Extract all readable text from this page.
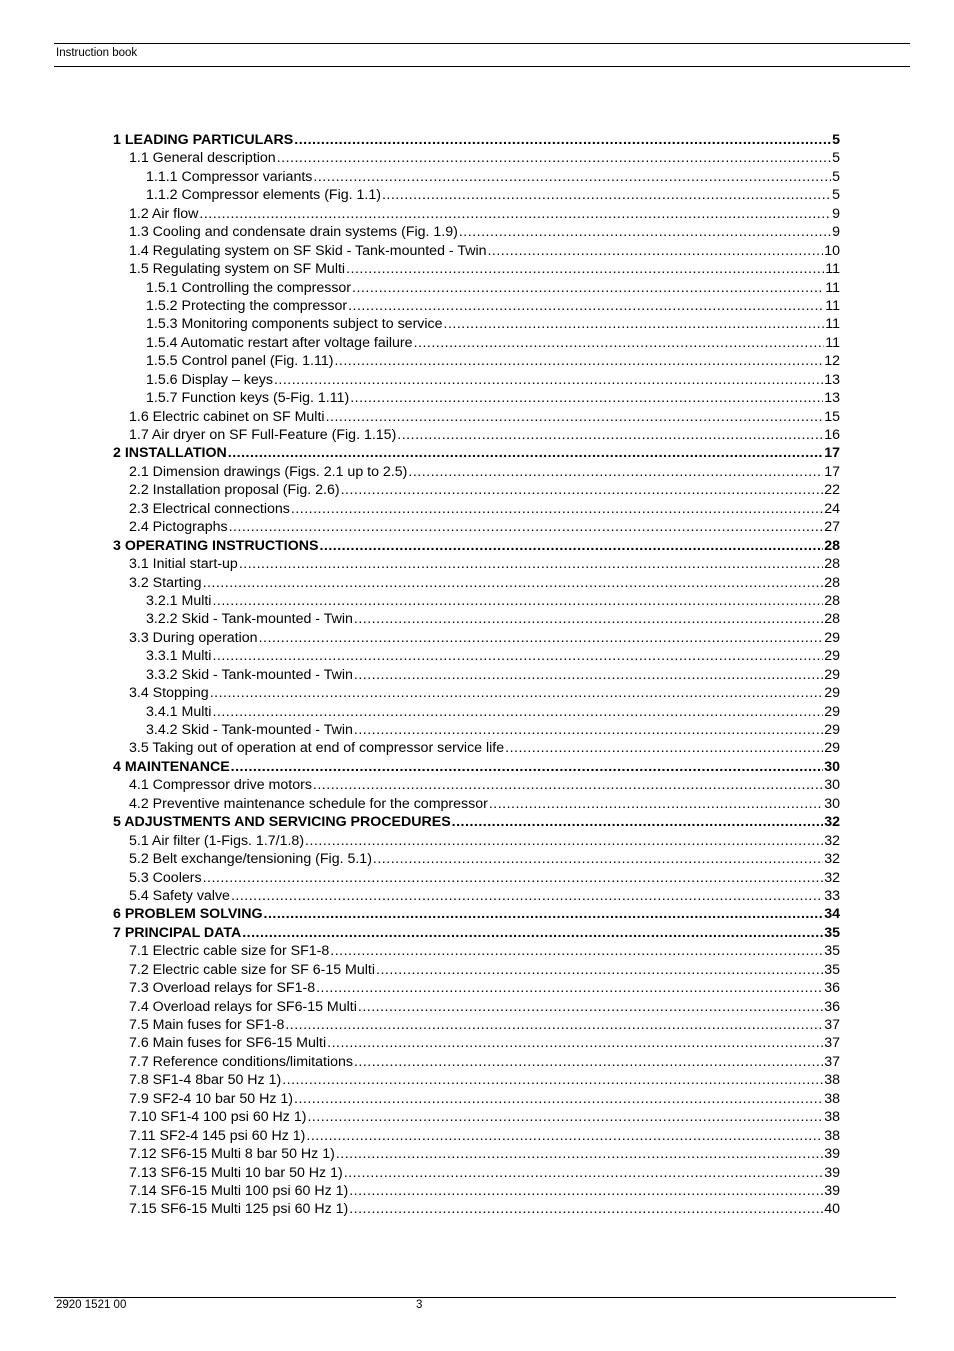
Instruction book
1 LEADING PARTICULARS .....	5
1.1 General description .....	5
1.1.1 Compressor variants .....	5
1.1.2 Compressor elements (Fig. 1.1) .....	5
1.2 Air flow .....	9
1.3 Cooling and condensate drain systems (Fig. 1.9) .....	9
1.4 Regulating system on SF Skid - Tank-mounted - Twin .....	10
1.5 Regulating system on SF Multi .....	11
1.5.1 Controlling the compressor .....	11
1.5.2 Protecting the compressor .....	11
1.5.3 Monitoring components subject to service .....	11
1.5.4 Automatic restart after voltage failure .....	11
1.5.5 Control panel (Fig. 1.11) .....	12
1.5.6 Display – keys .....	13
1.5.7 Function keys (5-Fig. 1.11) .....	13
1.6 Electric cabinet on SF Multi .....	15
1.7 Air dryer on SF Full-Feature (Fig. 1.15) .....	16
2 INSTALLATION .....	17
2.1 Dimension drawings (Figs. 2.1 up to 2.5) .....	17
2.2 Installation proposal (Fig. 2.6) .....	22
2.3 Electrical connections .....	24
2.4 Pictographs .....	27
3 OPERATING INSTRUCTIONS .....	28
3.1 Initial start-up .....	28
3.2 Starting .....	28
3.2.1 Multi .....	28
3.2.2 Skid - Tank-mounted - Twin .....	28
3.3 During operation .....	29
3.3.1 Multi .....	29
3.3.2 Skid - Tank-mounted - Twin .....	29
3.4 Stopping .....	29
3.4.1 Multi .....	29
3.4.2 Skid - Tank-mounted - Twin .....	29
3.5 Taking out of operation at end of compressor service life .....	29
4 MAINTENANCE .....	30
4.1 Compressor drive motors .....	30
4.2 Preventive maintenance schedule for the compressor .....	30
5 ADJUSTMENTS AND SERVICING PROCEDURES .....	32
5.1 Air filter (1-Figs. 1.7/1.8) .....	32
5.2 Belt exchange/tensioning (Fig. 5.1) .....	32
5.3 Coolers .....	32
5.4 Safety valve .....	33
6 PROBLEM SOLVING .....	34
7 PRINCIPAL DATA .....	35
7.1 Electric cable size for SF1-8 .....	35
7.2 Electric cable size for SF 6-15 Multi .....	35
7.3 Overload relays for SF1-8 .....	36
7.4 Overload relays for SF6-15 Multi .....	36
7.5 Main fuses for SF1-8 .....	37
7.6 Main fuses for SF6-15 Multi .....	37
7.7 Reference conditions/limitations .....	37
7.8 SF1-4 8bar 50 Hz 1) .....	38
7.9 SF2-4 10 bar 50 Hz 1) .....	38
7.10 SF1-4 100 psi 60 Hz 1) .....	38
7.11 SF2-4 145 psi 60 Hz 1) .....	38
7.12 SF6-15 Multi 8 bar 50 Hz 1) .....	39
7.13 SF6-15 Multi 10 bar 50 Hz 1) .....	39
7.14 SF6-15 Multi 100 psi 60 Hz 1) .....	39
7.15 SF6-15 Multi 125 psi 60 Hz 1) .....	40
2920 1521 00	3
